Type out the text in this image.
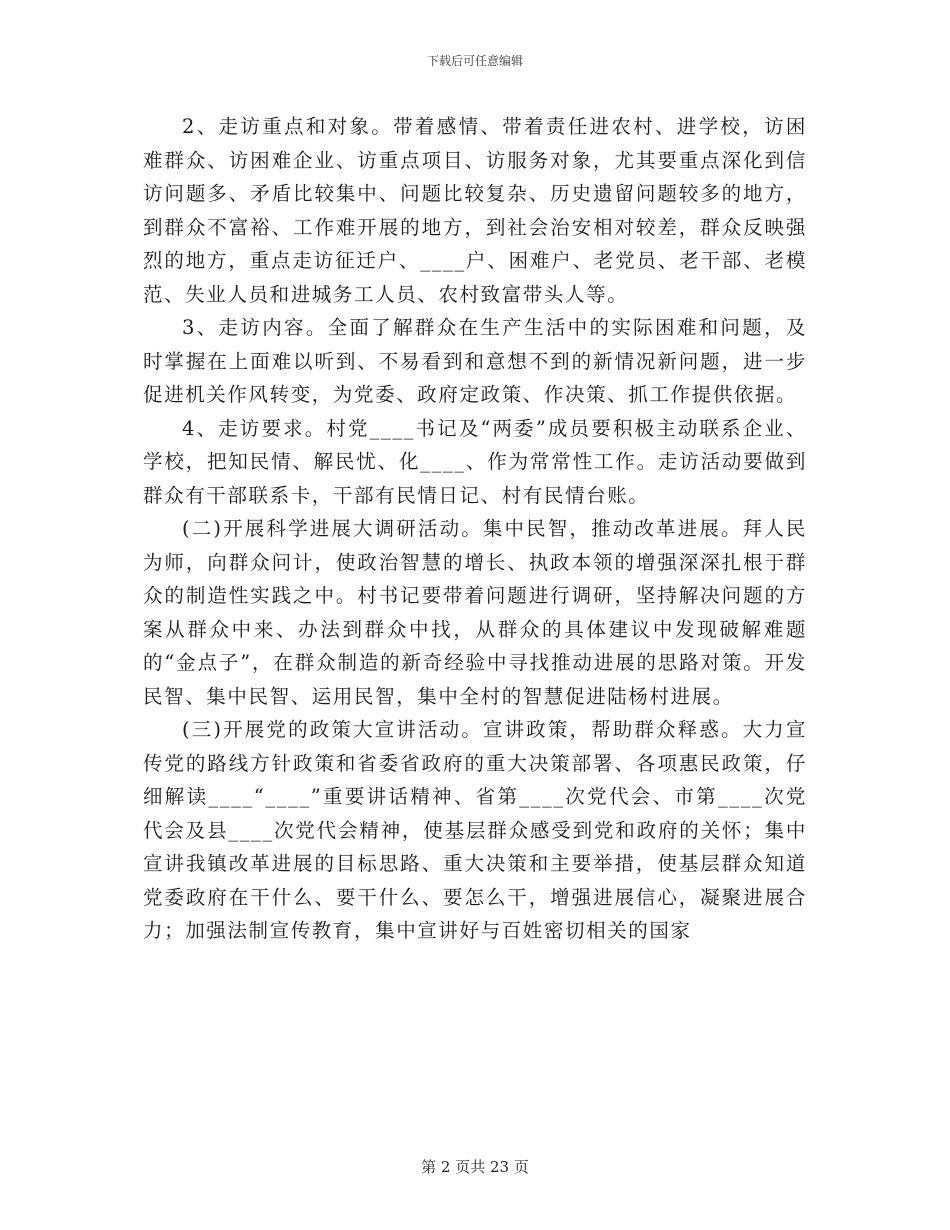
下载后可任意编辑

2、走访重点和对象。带着感情、带着责任进农村、进学校，访困难群众、访困难企业、访重点项目、访服务对象，尤其要重点深化到信访问题多、矛盾比较集中、问题比较复杂、历史遗留问题较多的地方，到群众不富裕、工作难开展的地方，到社会治安相对较差，群众反映强烈的地方，重点走访征迁户、____户、困难户、老党员、老干部、老模范、失业人员和进城务工人员、农村致富带头人等。

3、走访内容。全面了解群众在生产生活中的实际困难和问题，及时掌握在上面难以听到、不易看到和意想不到的新情况新问题，进一步促进机关作风转变，为党委、政府定政策、作决策、抓工作提供依据。

4、走访要求。村党____书记及“两委”成员要积极主动联系企业、学校，把知民情、解民忧、化____、作为常常性工作。走访活动要做到群众有干部联系卡，干部有民情日记、村有民情台账。

(二)开展科学进展大调研活动。集中民智，推动改革进展。拜人民为师，向群众问计，使政治智慧的增长、执政本领的增强深深扎根于群众的制造性实践之中。村书记要带着问题进行调研，坚持解决问题的方案从群众中来、办法到群众中找，从群众的具体建议中发现破解难题的“金点子”，在群众制造的新奇经验中寻找推动进展的思路对策。开发民智、集中民智、运用民智，集中全村的智慧促进陆杨村进展。

(三)开展党的政策大宣讲活动。宣讲政策，帮助群众释惑。大力宣传党的路线方针政策和省委省政府的重大决策部署、各项惠民政策，仔细解读____“____”重要讲话精神、省第____次党代会、市第____次党代会及县____次党代会精神，使基层群众感受到党和政府的关怀；集中宣讲我镇改革进展的目标思路、重大决策和主要举措，使基层群众知道党委政府在干什么、要干什么、要怎么干，增强进展信心，凝聚进展合力；加强法制宣传教育，集中宣讲好与百姓密切相关的国家

第 2 页共 23 页
